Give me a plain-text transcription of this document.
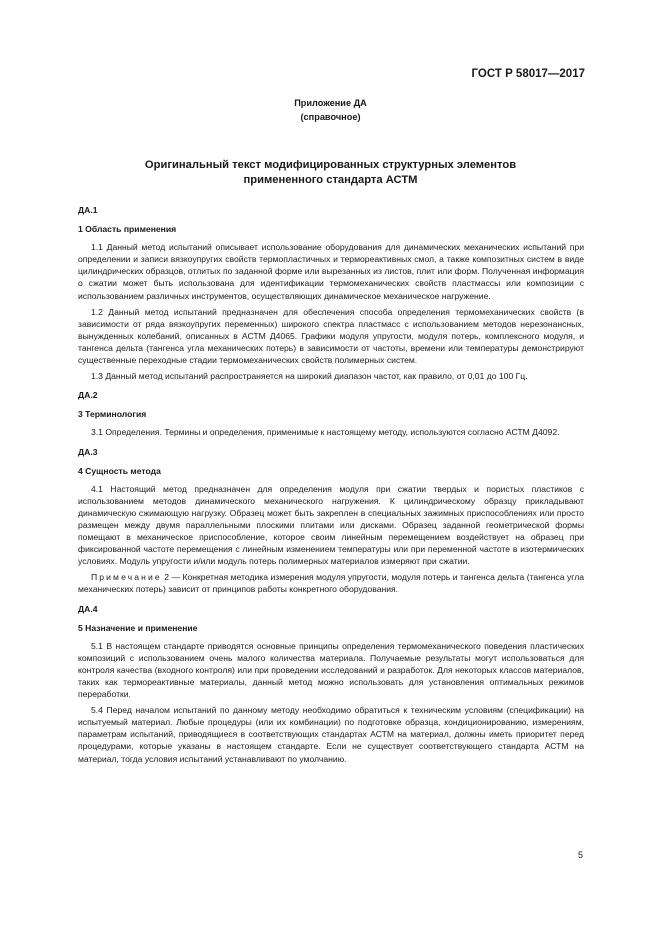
ГОСТ Р 58017—2017
Приложение ДА
(справочное)
Оригинальный текст модифицированных структурных элементов
примененного стандарта АСТМ
ДА.1
1 Область применения

1.1 Данный метод испытаний описывает использование оборудования для динамических механических испытаний при определении и записи вязкоупругих свойств термопластичных и термореактивных смол, а также композитных систем в виде цилиндрических образцов, отлитых по заданной форме или вырезанных из листов, плит или форм. Полученная информация о сжатии может быть использована для идентификации термомеханических свойств пластмассы или композиции с использованием различных инструментов, осуществляющих динамическое механическое нагружение.

1.2 Данный метод испытаний предназначен для обеспечения способа определения термомеханических свойств (в зависимости от ряда вязкоупругих переменных) широкого спектра пластмасс с использованием методов нерезонансных, вынужденных колебаний, описанных в АСТМ Д4065. Графики модуля упругости, модуля потерь, комплексного модуля, и тангенса дельта (тангенса угла механических потерь) в зависимости от частоты, времени или температуры демонстрируют существенные переходные стадии термомеханических свойств полимерных систем.

1.3 Данный метод испытаний распространяется на широкий диапазон частот, как правило, от 0,01 до 100 Гц.

ДА.2
3 Терминология

3.1 Определения. Термины и определения, применимые к настоящему методу, используются согласно АСТМ Д4092.

ДА.3
4 Сущность метода

4.1 Настоящий метод предназначен для определения модуля при сжатии твердых и пористых пластиков с использованием методов динамического механического нагружения. К цилиндрическому образцу прикладывают динамическую сжимающую нагрузку. Образец может быть закреплен в специальных зажимных приспособлениях или просто размещен между двумя параллельными плоскими плитами или дисками. Образец заданной геометрической формы помещают в механическое приспособление, которое своим линейным перемещением воздействует на образец при фиксированной частоте перемещения с линейным изменением температуры или при переменной частоте в изотермических условиях. Модуль упругости и/или модуль потерь полимерных материалов измеряют при сжатии.

Примечание 2 — Конкретная методика измерения модуля упругости, модуля потерь и тангенса дельта (тангенса угла механических потерь) зависит от принципов работы конкретного оборудования.

ДА.4
5 Назначение и применение

5.1 В настоящем стандарте приводятся основные принципы определения термомеханического поведения пластических композиций с использованием очень малого количества материала. Получаемые результаты могут использоваться для контроля качества (входного контроля) или при проведении исследований и разработок. Для некоторых классов материалов, таких как термореактивные материалы, данный метод можно использовать для установления оптимальных режимов переработки.

5.4 Перед началом испытаний по данному методу необходимо обратиться к техническим условиям (спецификации) на испытуемый материал. Любые процедуры (или их комбинации) по подготовке образца, кондиционированию, измерениям, параметрам испытаний, приводящиеся в соответствующих стандартах АСТМ на материал, должны иметь приоритет перед процедурами, которые указаны в настоящем стандарте. Если не существует соответствующего стандарта АСТМ на материал, тогда условия испытаний устанавливают по умолчанию.

5
